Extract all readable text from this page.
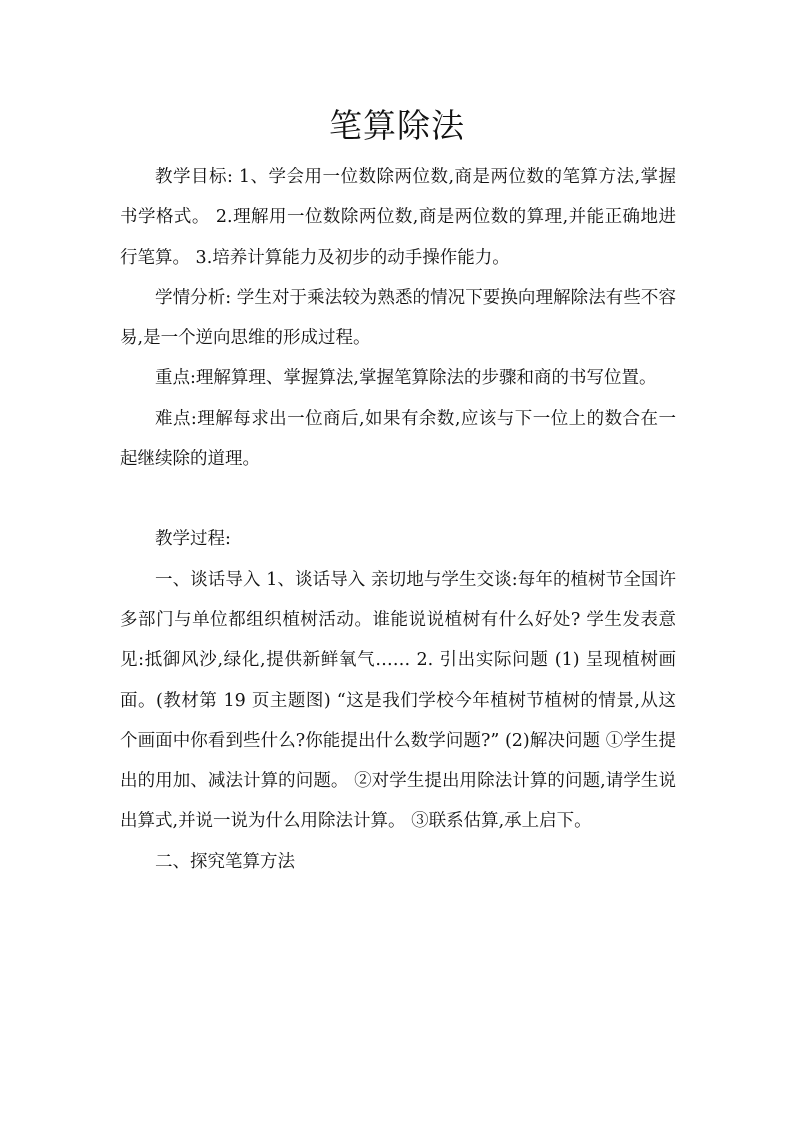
笔算除法

教学目标: 1、学会用一位数除两位数,商是两位数的笔算方法,掌握书学格式。 2.理解用一位数除两位数,商是两位数的算理,并能正确地进行笔算。 3.培养计算能力及初步的动手操作能力。

学情分析: 学生对于乘法较为熟悉的情况下要换向理解除法有些不容易,是一个逆向思维的形成过程。

重点:理解算理、掌握算法,掌握笔算除法的步骤和商的书写位置。

难点:理解每求出一位商后,如果有余数,应该与下一位上的数合在一起继续除的道理。

教学过程:

一、谈话导入 1、谈话导入 亲切地与学生交谈:每年的植树节全国许多部门与单位都组织植树活动。谁能说说植树有什么好处? 学生发表意见:抵御风沙,绿化,提供新鲜氧气…… 2. 引出实际问题 (1) 呈现植树画面。(教材第 19 页主题图) “这是我们学校今年植树节植树的情景,从这个画面中你看到些什么?你能提出什么数学问题?” (2)解决问题 ①学生提出的用加、减法计算的问题。 ②对学生提出用除法计算的问题,请学生说出算式,并说一说为什么用除法计算。 ③联系估算,承上启下。

二、探究笔算方法
